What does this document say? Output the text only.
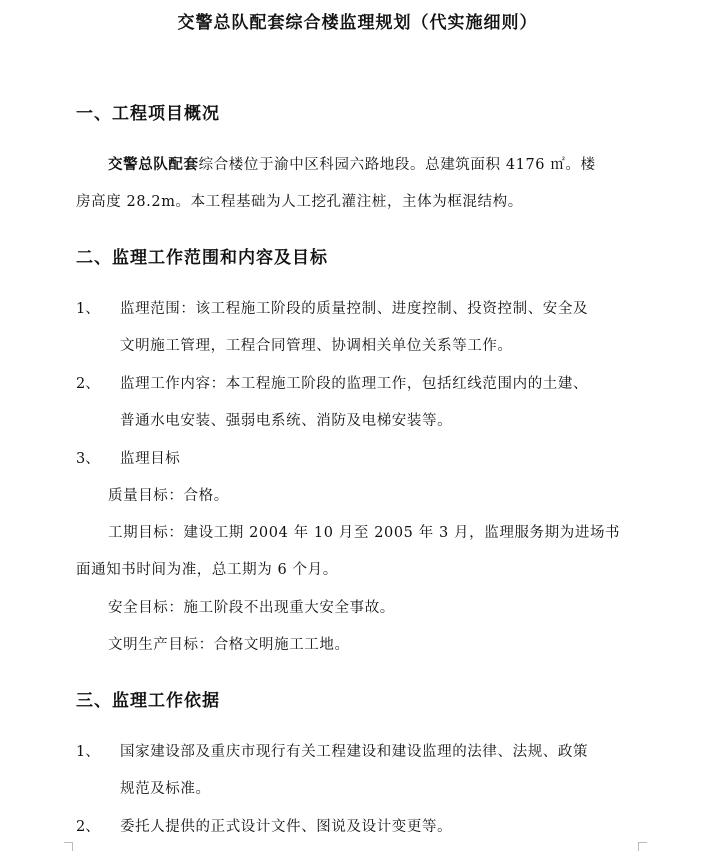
交警总队配套综合楼监理规划（代实施细则）
一、工程项目概况
交警总队配套综合楼位于渝中区科园六路地段。总建筑面积 4176 ㎡。楼
房高度 28.2m。本工程基础为人工挖孔灌注桩，主体为框混结构。
二、监理工作范围和内容及目标
1、 监理范围：该工程施工阶段的质量控制、进度控制、投资控制、安全及
文明施工管理，工程合同管理、协调相关单位关系等工作。
2、 监理工作内容：本工程施工阶段的监理工作，包括红线范围内的土建、
普通水电安装、强弱电系统、消防及电梯安装等。
3、 监理目标
质量目标：合格。
工期目标：建设工期 2004 年 10 月至 2005 年 3 月，监理服务期为进场书
面通知书时间为准，总工期为 6 个月。
安全目标：施工阶段不出现重大安全事故。
文明生产目标：合格文明施工工地。
三、监理工作依据
1、 国家建设部及重庆市现行有关工程建设和建设监理的法律、法规、政策
规范及标准。
2、 委托人提供的正式设计文件、图说及设计变更等。
